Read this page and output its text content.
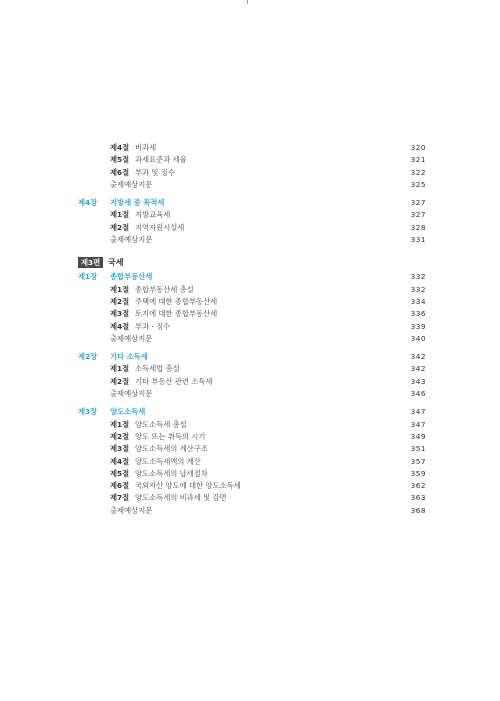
제4절 비과세	320
제5절 과세표준과 세율	321
제6절 부과 및 징수	322
출제예상지문	325
제4장 지방세 중 목적세	327
제1절 지방교육세	327
제2절 지역자원시설세	328
출제예상지문	331
제3편 국세
제1장 종합부동산세	332
제1절 종합부동산세 총설	332
제2절 주택에 대한 종합부동산세	334
제3절 토지에 대한 종합부동산세	336
제4절 부과 · 징수	339
출제예상지문	340
제2장 기타 소득세	342
제1절 소득세법 총설	342
제2절 기타 부동산 관련 소득세	343
출제예상지문	346
제3장 양도소득세	347
제1절 양도소득세 총설	347
제2절 양도 또는 취득의 시기	349
제3절 양도소득세의 계산구조	351
제4절 양도소득세액의 계산	357
제5절 양도소득세의 납세절차	359
제6절 국외자산 양도에 대한 양도소득세	362
제7절 양도소득세의 비과세 및 감면	363
출제예상지문	368
